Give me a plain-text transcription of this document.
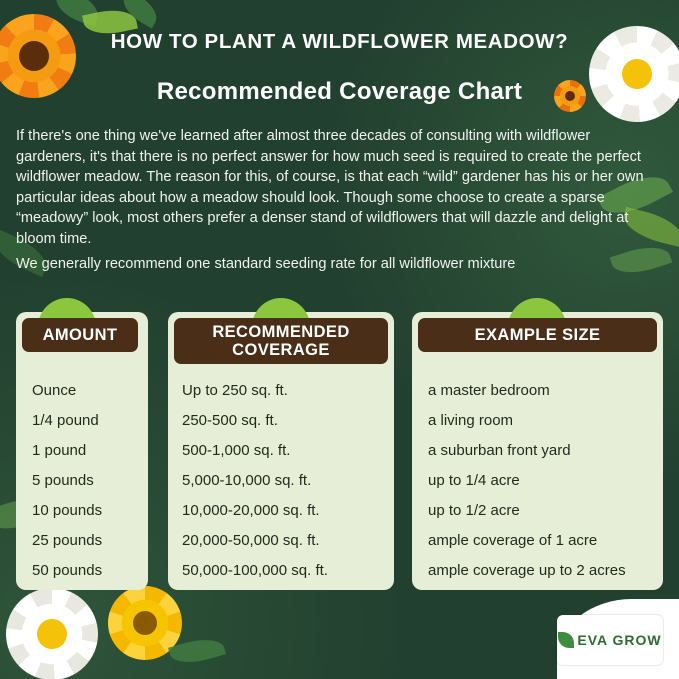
HOW TO PLANT A WILDFLOWER MEADOW?
Recommended Coverage Chart
If there's one thing we've learned after almost three decades of consulting with wildflower gardeners, it's that there is no perfect answer for how much seed is required to create the perfect wildflower meadow. The reason for this, of course, is that each “wild” gardener has his or her own particular ideas about how a meadow should look. Though some choose to create a sparse “meadowy” look, most others prefer a denser stand of wildflowers that will dazzle and delight at bloom time.
We generally recommend one standard seeding rate for all wildflower mixture
AMOUNT
Ounce
1/4 pound
1 pound
5 pounds
10 pounds
25 pounds
50 pounds
RECOMMENDED COVERAGE
Up to 250 sq. ft.
250-500 sq. ft.
500-1,000 sq. ft.
5,000-10,000 sq. ft.
10,000-20,000 sq. ft.
20,000-50,000 sq. ft.
50,000-100,000 sq. ft.
EXAMPLE SIZE
a master bedroom
a living room
a suburban front yard
up to 1/4 acre
up to 1/2 acre
ample coverage of 1 acre
ample coverage up to 2 acres
EVA GROW
